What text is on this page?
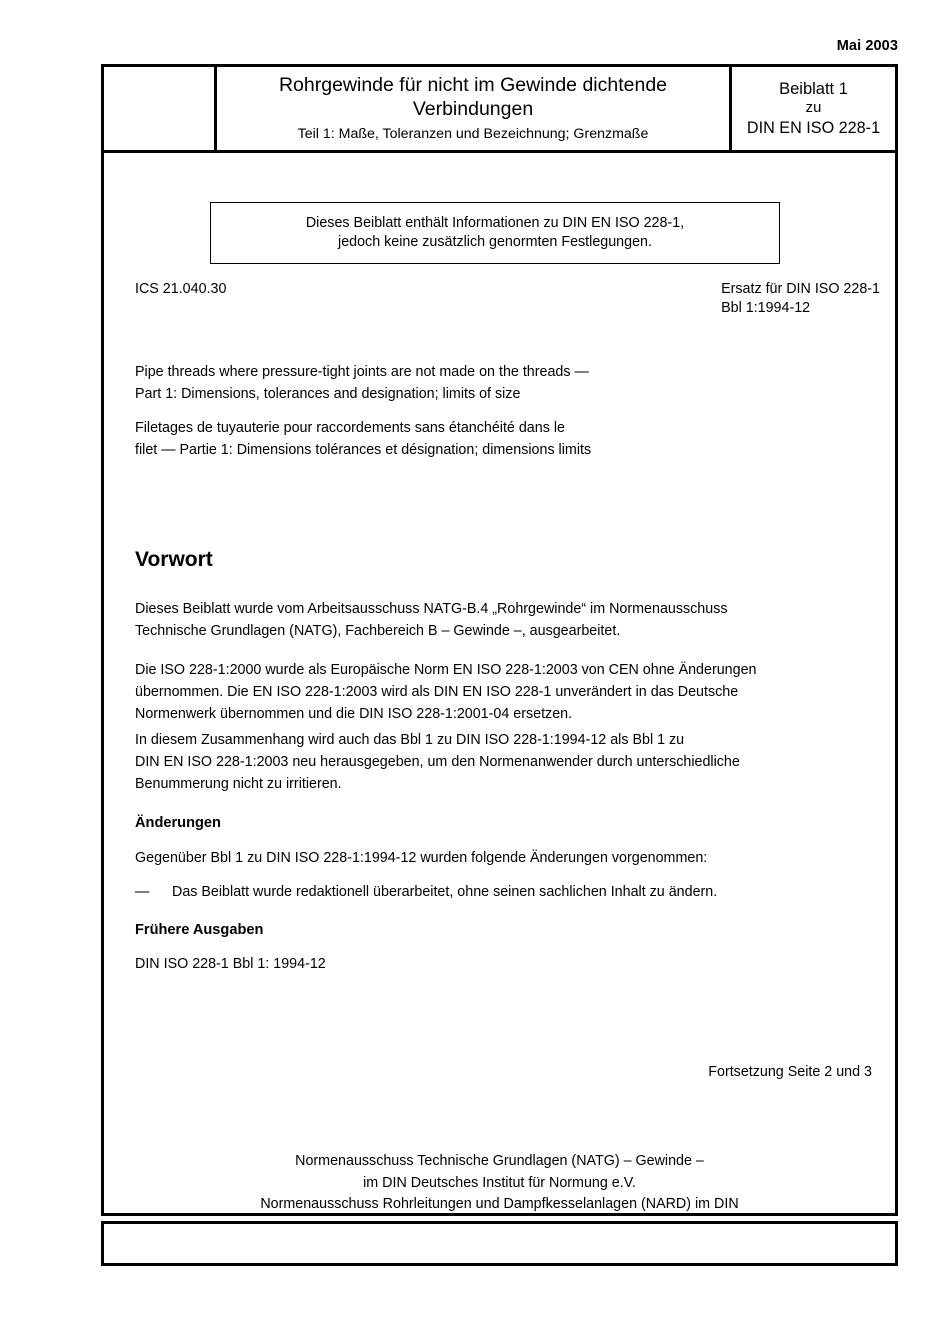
Mai 2003
Rohrgewinde für nicht im Gewinde dichtende
Verbindungen
Teil 1: Maße, Toleranzen und Bezeichnung; Grenzmaße
Beiblatt 1
zu
DIN EN ISO 228-1
Dieses Beiblatt enthält Informationen zu DIN EN ISO 228-1,
jedoch keine zusätzlich genormten Festlegungen.
ICS 21.040.30	Ersatz für DIN ISO 228-1
Bbl 1:1994-12
Pipe threads where pressure-tight joints are not made on the threads —
Part 1: Dimensions, tolerances and designation; limits of size
Filetages de tuyauterie pour raccordements sans étanchéité dans le
filet — Partie 1: Dimensions tolérances et désignation; dimensions limits
Vorwort
Dieses Beiblatt wurde vom Arbeitsausschuss NATG-B.4 „Rohrgewinde“ im Normenausschuss
Technische Grundlagen (NATG), Fachbereich B – Gewinde –, ausgearbeitet.
Die ISO 228-1:2000 wurde als Europäische Norm EN ISO 228-1:2003 von CEN ohne Änderungen
übernommen. Die EN ISO 228-1:2003 wird als DIN EN ISO 228-1 unverändert in das Deutsche
Normenwerk übernommen und die DIN ISO 228-1:2001-04 ersetzen.
In diesem Zusammenhang wird auch das Bbl 1 zu DIN ISO 228-1:1994-12 als Bbl 1 zu
DIN EN ISO 228-1:2003 neu herausgegeben, um den Normenanwender durch unterschiedliche
Benummerung nicht zu irritieren.
Änderungen
Gegenüber Bbl 1 zu DIN ISO 228-1:1994-12 wurden folgende Änderungen vorgenommen:
— Das Beiblatt wurde redaktionell überarbeitet, ohne seinen sachlichen Inhalt zu ändern.
Frühere Ausgaben
DIN ISO 228-1 Bbl 1: 1994-12
Fortsetzung Seite 2 und 3
Normenausschuss Technische Grundlagen (NATG) – Gewinde –
im DIN Deutsches Institut für Normung e.V.
Normenausschuss Rohrleitungen und Dampfkesselanlagen (NARD) im DIN
